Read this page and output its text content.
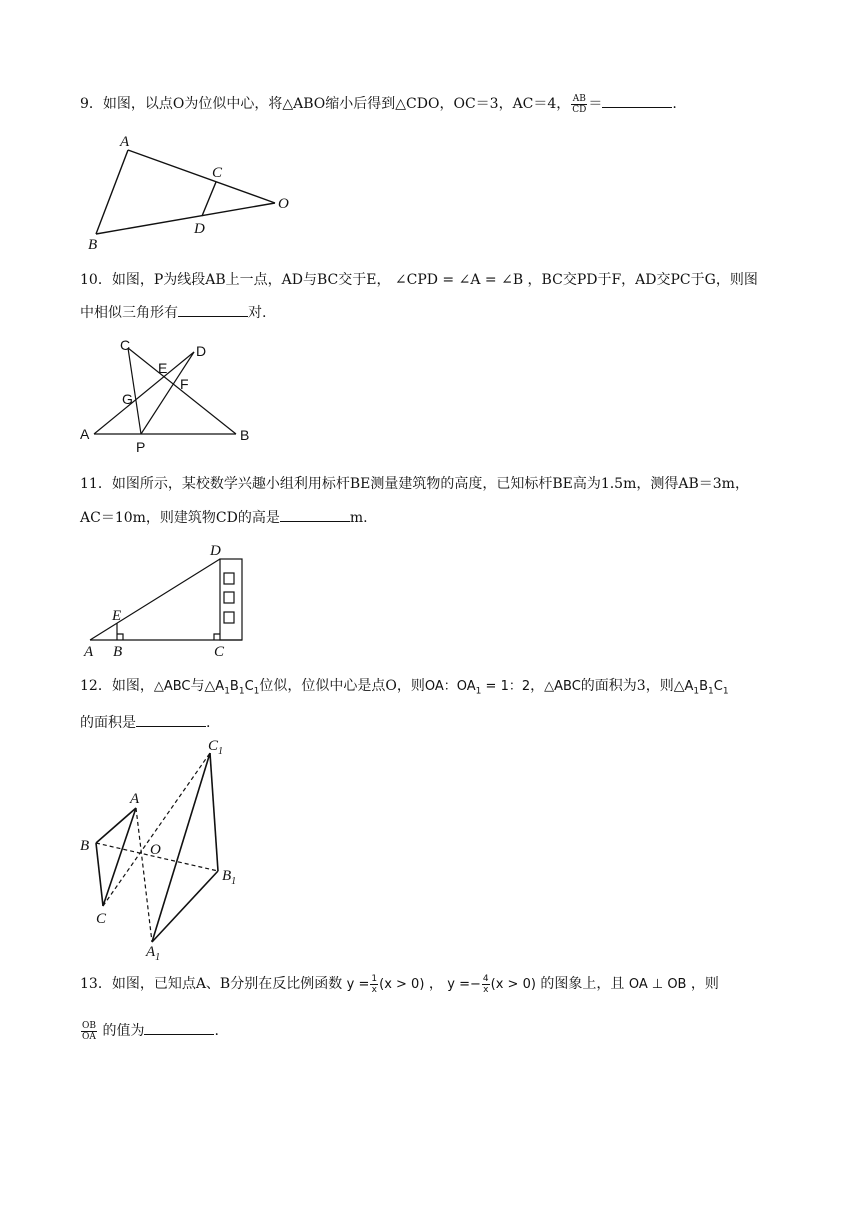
9．如图，以点O为位似中心，将△ABO缩小后得到△CDO，OC＝3，AC＝4， $\frac{AB}{CD}$ ＝	.
A
B
C
D
O
10．如图，P为线段AB上一点，AD与BC交于E， ∠CPD = ∠A = ∠B ，BC交PD于F，AD交PC于G，则图
中相似三角形有	对.
A	B
C	D
E
F
G
P
11．如图所示，某校数学兴趣小组利用标杆BE测量建筑物的高度，已知标杆BE高为1.5m，测得AB＝3m，
AC＝10m，则建筑物CD的高是	m.
A B
E
D
C
12．如图，△ABC与$\triangle A_1B_1C_1$位似，位似中心是点O，则OA：$OA_1 = 1$：2，△ABC的面积为3，则$\triangle A_1B_1C_1$
的面积是	.
A
B
C
O
$C_1$
$B_1$
$A_1$
13．如图，已知点A、B分别在反比例函数 $y = \frac{1}{x} (x > 0)$ ， $y =- \frac{4}{x} (x > 0)$ 的图象上，且 OA ⊥ OB ，则
$\frac{OB}{OA}$ 的值为	.
